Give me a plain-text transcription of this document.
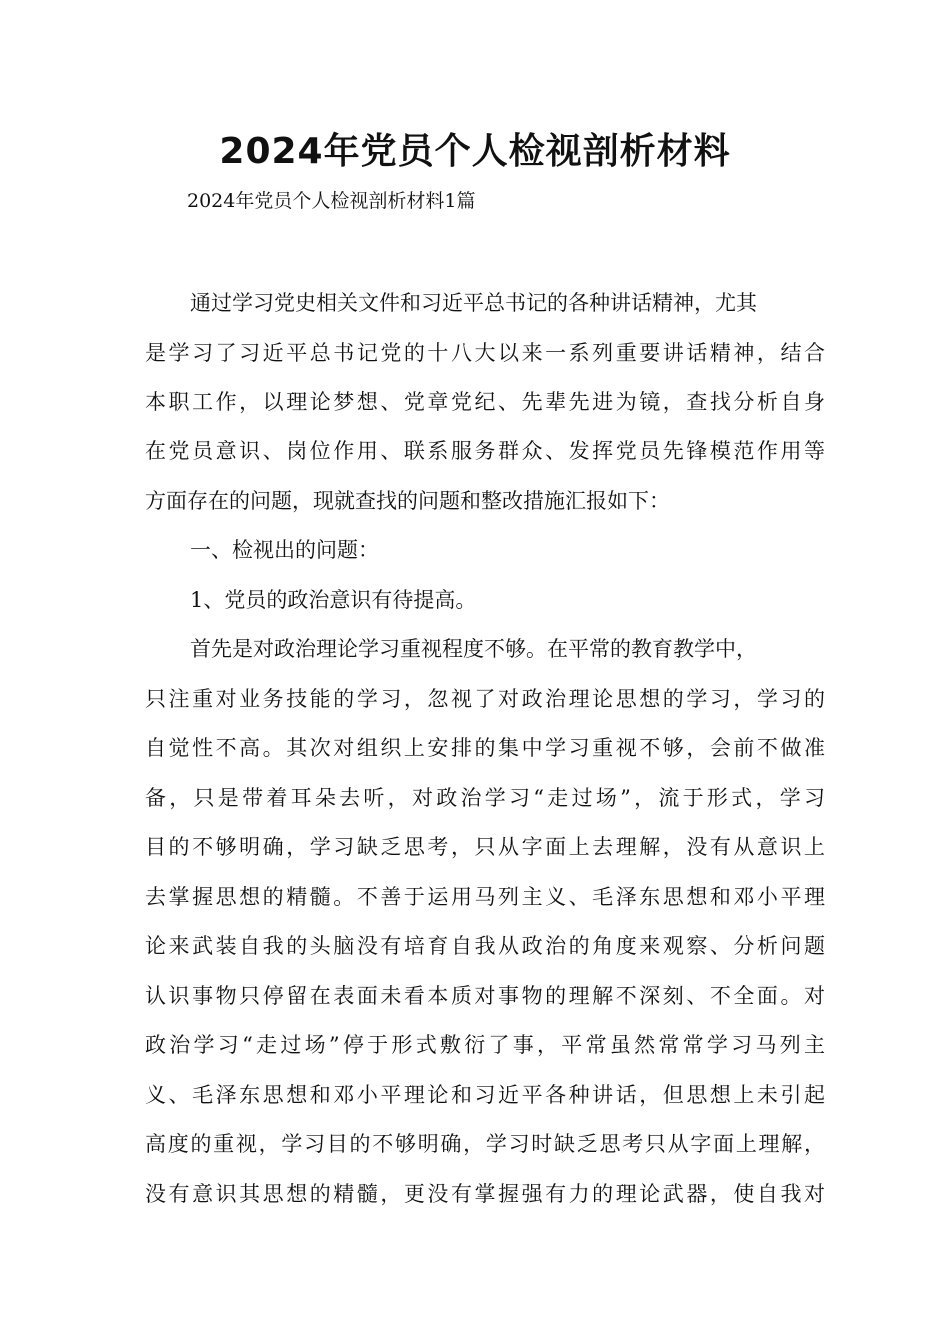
2024年党员个人检视剖析材料
2024年党员个人检视剖析材料1篇
通过学习党史相关文件和习近平总书记的各种讲话精神，尤其
是学习了习近平总书记党的十八大以来一系列重要讲话精神，结合
本职工作，以理论梦想、党章党纪、先辈先进为镜，查找分析自身
在党员意识、岗位作用、联系服务群众、发挥党员先锋模范作用等
方面存在的问题，现就查找的问题和整改措施汇报如下：
一、检视出的问题：
1、党员的政治意识有待提高。
首先是对政治理论学习重视程度不够。在平常的教育教学中，
只注重对业务技能的学习，忽视了对政治理论思想的学习，学习的
自觉性不高。其次对组织上安排的集中学习重视不够，会前不做准
备，只是带着耳朵去听，对政治学习“走过场”，流于形式，学习
目的不够明确，学习缺乏思考，只从字面上去理解，没有从意识上
去掌握思想的精髓。不善于运用马列主义、毛泽东思想和邓小平理
论来武装自我的头脑没有培育自我从政治的角度来观察、分析问题
认识事物只停留在表面未看本质对事物的理解不深刻、不全面。对
政治学习“走过场”停于形式敷衍了事，平常虽然常常学习马列主
义、毛泽东思想和邓小平理论和习近平各种讲话，但思想上未引起
高度的重视，学习目的不够明确，学习时缺乏思考只从字面上理解，
没有意识其思想的精髓，更没有掌握强有力的理论武器，使自我对
